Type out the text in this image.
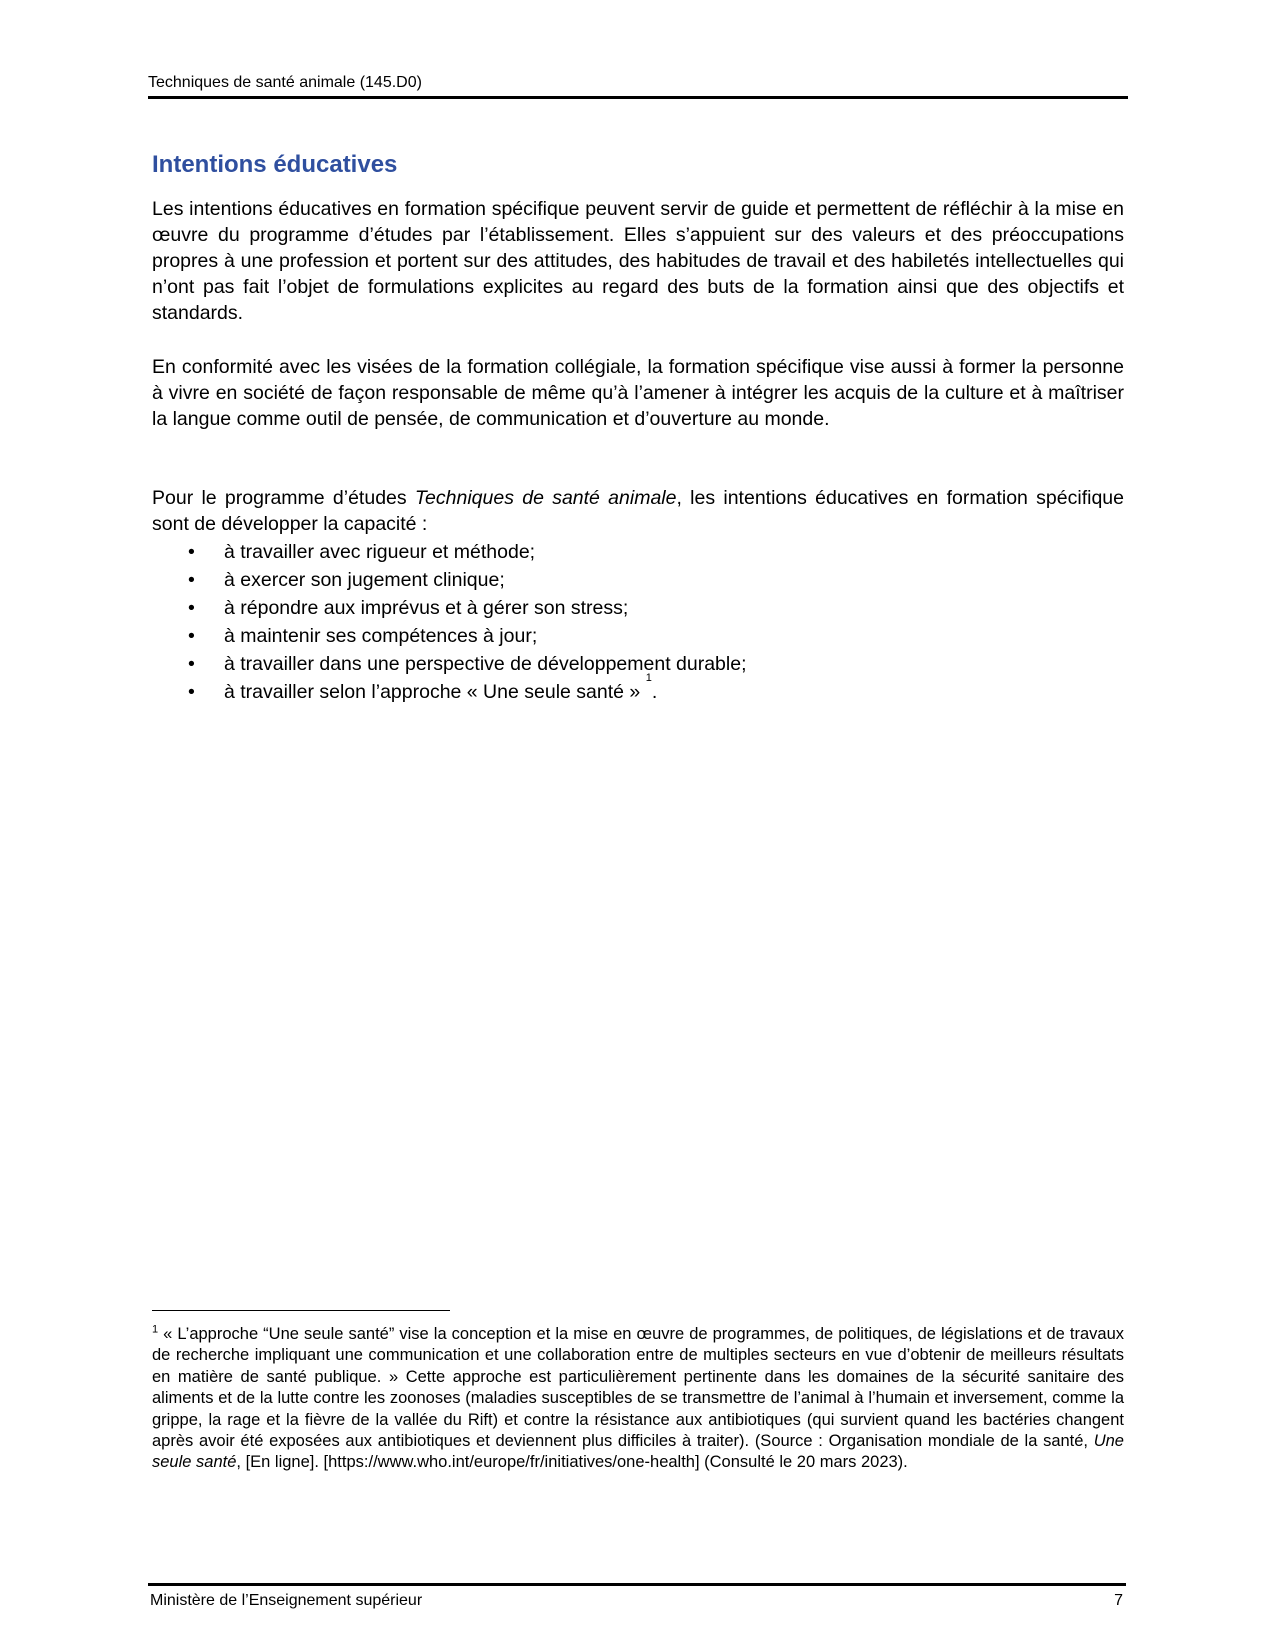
Techniques de santé animale (145.D0)
Intentions éducatives

Les intentions éducatives en formation spécifique peuvent servir de guide et permettent de réfléchir à la mise en œuvre du programme d’études par l’établissement. Elles s’appuient sur des valeurs et des préoccupations propres à une profession et portent sur des attitudes, des habitudes de travail et des habiletés intellectuelles qui n’ont pas fait l’objet de formulations explicites au regard des buts de la formation ainsi que des objectifs et standards.

En conformité avec les visées de la formation collégiale, la formation spécifique vise aussi à former la personne à vivre en société de façon responsable de même qu’à l’amener à intégrer les acquis de la culture et à maîtriser la langue comme outil de pensée, de communication et d’ouverture au monde.

Pour le programme d’études Techniques de santé animale, les intentions éducatives en formation spécifique sont de développer la capacité :

•	à travailler avec rigueur et méthode;
•	à exercer son jugement clinique;
•	à répondre aux imprévus et à gérer son stress;
•	à maintenir ses compétences à jour;
•	à travailler dans une perspective de développement durable;
•	à travailler selon l’approche « Une seule santé »

1
.

$^1$ « L’approche “Une seule santé” vise la conception et la mise en œuvre de programmes, de politiques, de législations et de travaux de recherche impliquant une communication et une collaboration entre de multiples secteurs en vue d’obtenir de meilleurs résultats en matière de santé publique. » Cette approche est particulièrement pertinente dans les domaines de la sécurité sanitaire des aliments et de la lutte contre les zoonoses (maladies susceptibles de se transmettre de l’animal à l’humain et inversement, comme la grippe, la rage et la fièvre de la vallée du Rift) et contre la résistance aux antibiotiques (qui survient quand les bactéries changent après avoir été exposées aux antibiotiques et deviennent plus difficiles à traiter). (Source : Organisation mondiale de la santé, Une seule santé, [En ligne]. [https://www.who.int/europe/fr/initiatives/one-health] (Consulté le 20 mars 2023).

Ministère de l’Enseignement supérieur	7
